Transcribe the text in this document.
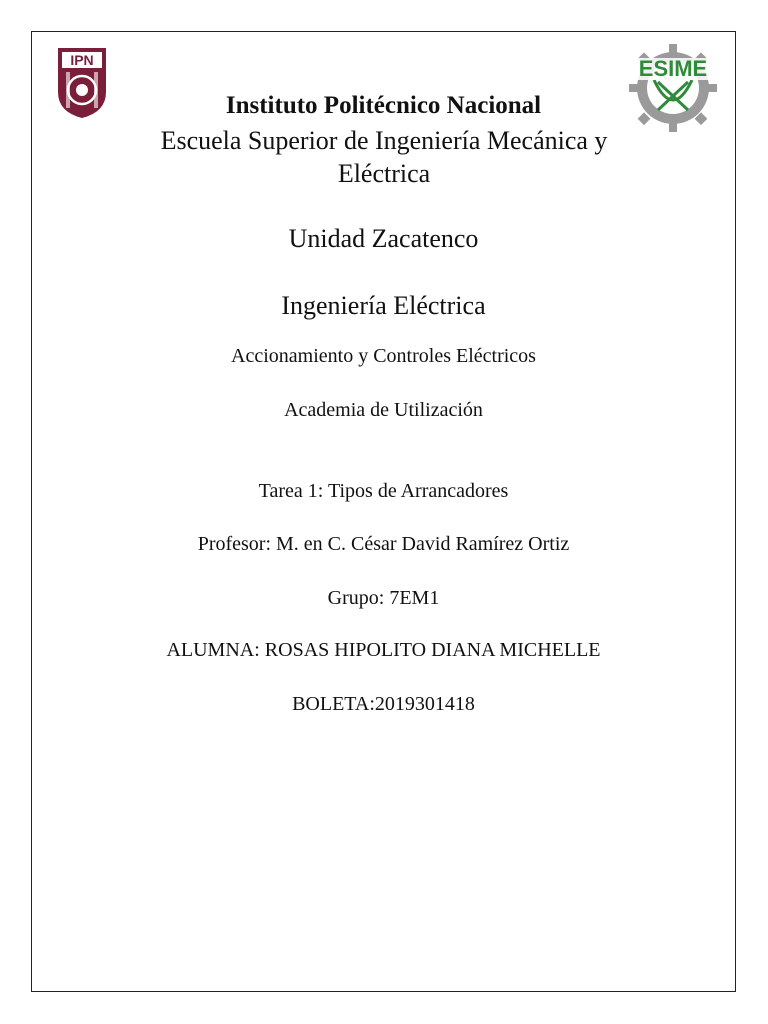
IPN	ESIME
Instituto Politécnico Nacional
Escuela Superior de Ingeniería Mecánica y Eléctrica
Unidad Zacatenco
Ingeniería Eléctrica
Accionamiento y Controles Eléctricos
Academia de Utilización
Tarea 1: Tipos de Arrancadores
Profesor: M. en C. César David Ramírez Ortiz
Grupo: 7EM1
ALUMNA: ROSAS HIPOLITO DIANA MICHELLE
BOLETA:2019301418
